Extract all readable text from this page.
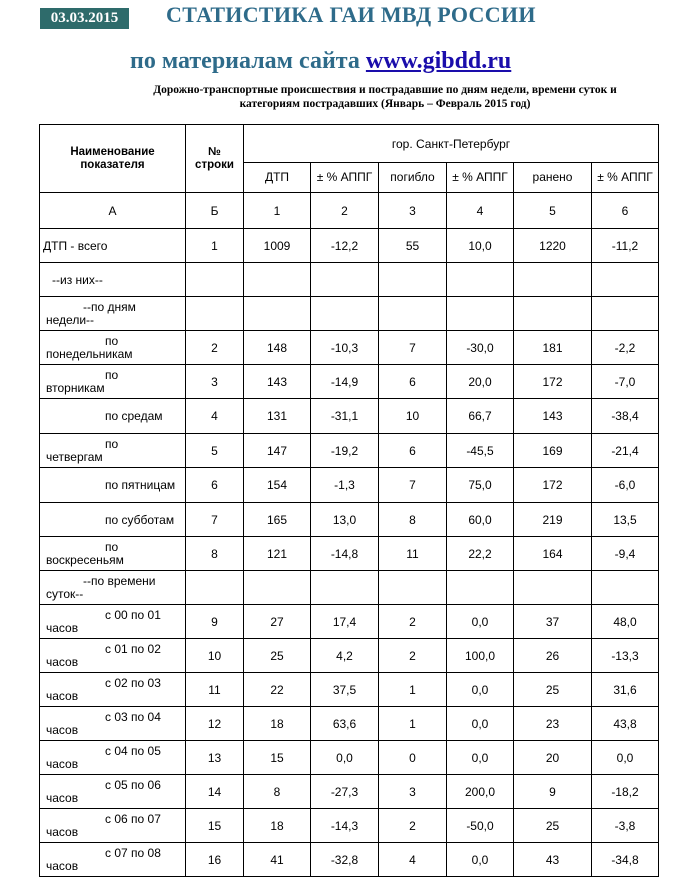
03.03.2015	СТАТИСТИКА ГАИ МВД РОССИИ
по материалам сайта www.gibdd.ru
Дорожно-транспортные происшествия и пострадавшие по дням недели, времени суток и категориям пострадавших (Январь – Февраль 2015 год)
Наименование показателя	№ строки	гор. Санкт-Петербург					
		ДТП	± % АППГ	погибло	± % АППГ	ранено	± % АППГ
А	Б	1	2	3	4	5	6
ДТП - всего	1	1009	-12,2	55	10,0	1220	-11,2
--из них--							

--по дням
недели--							

по
понедельникам	2	148	-10,3	7	-30,0	181	-2,2

по
вторникам	3	143	-14,9	6	20,0	172	-7,0
по средам	4	131	-31,1	10	66,7	143	-38,4

по
четвергам	5	147	-19,2	6	-45,5	169	-21,4
по пятницам	6	154	-1,3	7	75,0	172	-6,0
по субботам	7	165	13,0	8	60,0	219	13,5

по
воскресеньям	8	121	-14,8	11	22,2	164	-9,4

--по времени
суток--							

с 00 по 01
часов	9	27	17,4	2	0,0	37	48,0

с 01 по 02
часов	10	25	4,2	2	100,0	26	-13,3

с 02 по 03
часов	11	22	37,5	1	0,0	25	31,6

с 03 по 04
часов	12	18	63,6	1	0,0	23	43,8

с 04 по 05
часов	13	15	0,0	0	0,0	20	0,0

с 05 по 06
часов	14	8	-27,3	3	200,0	9	-18,2

с 06 по 07
часов	15	18	-14,3	2	-50,0	25	-3,8

с 07 по 08
часов	16	41	-32,8	4	0,0	43	-34,8
